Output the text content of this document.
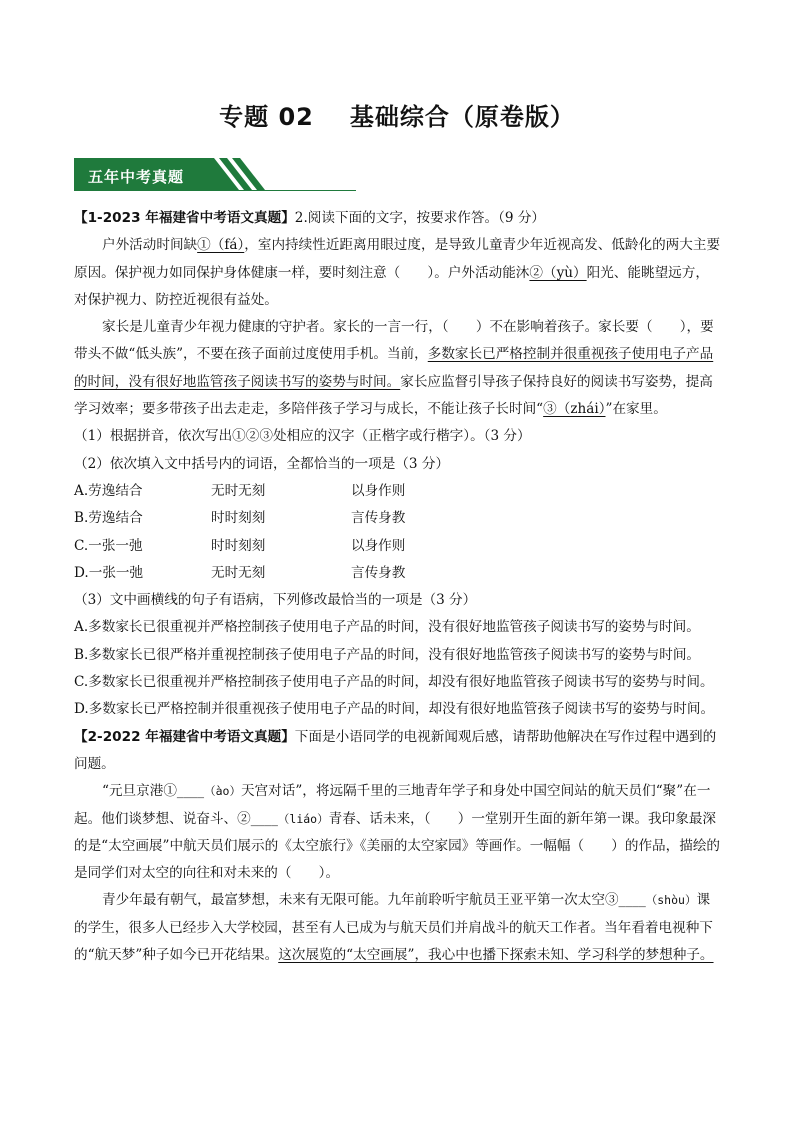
专题 02 基础综合（原卷版）
五年中考真题

【1-2023 年福建省中考语文真题】2.阅读下面的文字，按要求作答。（9 分）

户外活动时间缺①（fá），室内持续性近距离用眼过度，是导致儿童青少年近视高发、低龄化的两大主要原因。保护视力如同保护身体健康一样，要时刻注意（　　）。户外活动能沐②（yù）阳光、能眺望远方，对保护视力、防控近视很有益处。

家长是儿童青少年视力健康的守护者。家长的一言一行，（　　）不在影响着孩子。家长要（　　），要带头不做“低头族”，不要在孩子面前过度使用手机。当前，多数家长已严格控制并很重视孩子使用电子产品的时间，没有很好地监管孩子阅读书写的姿势与时间。家长应监督引导孩子保持良好的阅读书写姿势，提高学习效率；要多带孩子出去走走，多陪伴孩子学习与成长，不能让孩子长时间“③（zhái）”在家里。

（1）根据拼音，依次写出①②③处相应的汉字（正楷字或行楷字）。（3 分）

（2）依次填入文中括号内的词语，全都恰当的一项是（3 分）

A.劳逸结合	无时无刻	以身作则

B.劳逸结合	时时刻刻	言传身教

C.一张一弛	时时刻刻	以身作则

D.一张一弛	无时无刻	言传身教

（3）文中画横线的句子有语病，下列修改最恰当的一项是（3 分）

A.多数家长已很重视并严格控制孩子使用电子产品的时间，没有很好地监管孩子阅读书写的姿势与时间。

B.多数家长已很严格并重视控制孩子使用电子产品的时间，没有很好地监管孩子阅读书写的姿势与时间。

C.多数家长已很重视并严格控制孩子使用电子产品的时间，却没有很好地监管孩子阅读书写的姿势与时间。

D.多数家长已严格控制并很重视孩子使用电子产品的时间，却没有很好地监管孩子阅读书写的姿势与时间。

【2-2022 年福建省中考语文真题】下面是小语同学的电视新闻观后感，请帮助他解决在写作过程中遇到的问题。

“元旦京港①____（ào）天宫对话”，将远隔千里的三地青年学子和身处中国空间站的航天员们“聚”在一起。他们谈梦想、说奋斗、②____（liáo）青春、话未来，（　　）一堂别开生面的新年第一课。我印象最深的是“太空画展”中航天员们展示的《太空旅行》《美丽的太空家园》等画作。一幅幅（　　）的作品，描绘的是同学们对太空的向往和对未来的（　　）。

青少年最有朝气，最富梦想，未来有无限可能。九年前聆听宇航员王亚平第一次太空③____（shòu）课的学生，很多人已经步入大学校园，甚至有人已成为与航天员们并肩战斗的航天工作者。当年看着电视种下的“航天梦”种子如今已开花结果。这次展览的“太空画展”，我心中也播下探索未知、学习科学的梦想种子。
